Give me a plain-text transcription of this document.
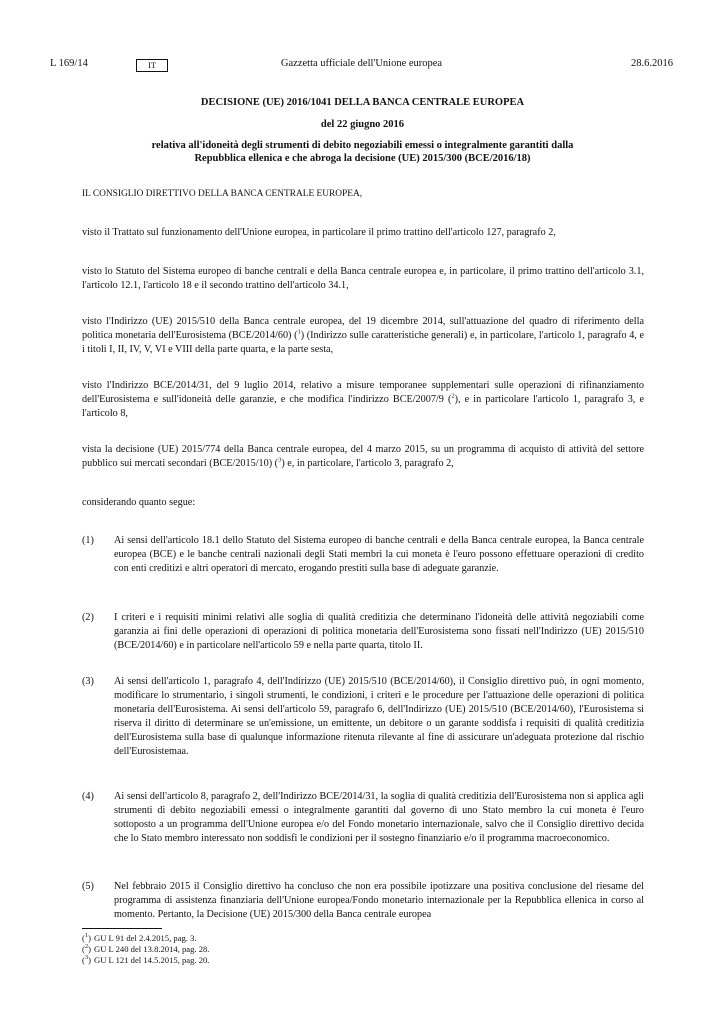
L 169/14	IT	Gazzetta ufficiale dell'Unione europea	28.6.2016
DECISIONE (UE) 2016/1041 DELLA BANCA CENTRALE EUROPEA
del 22 giugno 2016
relativa all'idoneità degli strumenti di debito negoziabili emessi o integralmente garantiti dalla
Repubblica ellenica e che abroga la decisione (UE) 2015/300 (BCE/2016/18)
IL CONSIGLIO DIRETTIVO DELLA BANCA CENTRALE EUROPEA,
visto il Trattato sul funzionamento dell'Unione europea, in particolare il primo trattino dell'articolo 127, paragrafo 2,
visto lo Statuto del Sistema europeo di banche centrali e della Banca centrale europea e, in particolare, il primo trattino dell'articolo 3.1, l'articolo 12.1, l'articolo 18 e il secondo trattino dell'articolo 34.1,
visto l'Indirizzo (UE) 2015/510 della Banca centrale europea, del 19 dicembre 2014, sull'attuazione del quadro di riferimento della politica monetaria dell'Eurosistema (BCE/2014/60) ($^1$) (Indirizzo sulle caratteristiche generali) e, in particolare, l'articolo 1, paragrafo 4, e i titoli I, II, IV, V, VI e VIII della parte quarta, e la parte sesta,
visto l'Indirizzo BCE/2014/31, del 9 luglio 2014, relativo a misure temporanee supplementari sulle operazioni di rifinanziamento dell'Eurosistema e sull'idoneità delle garanzie, e che modifica l'indirizzo BCE/2007/9 ($^2$), e in particolare l'articolo 1, paragrafo 3, e l'articolo 8,
vista la decisione (UE) 2015/774 della Banca centrale europea, del 4 marzo 2015, su un programma di acquisto di attività del settore pubblico sui mercati secondari (BCE/2015/10) ($^3$) e, in particolare, l'articolo 3, paragrafo 2,
considerando quanto segue:
(1) Ai sensi dell'articolo 18.1 dello Statuto del Sistema europeo di banche centrali e della Banca centrale europea, la Banca centrale europea (BCE) e le banche centrali nazionali degli Stati membri la cui moneta è l'euro possono effettuare operazioni di credito con enti creditizi e altri operatori di mercato, erogando prestiti sulla base di adeguate garanzie.
(2) I criteri e i requisiti minimi relativi alle soglia di qualità creditizia che determinano l'idoneità delle attività negoziabili come garanzia ai fini delle operazioni di operazioni di politica monetaria dell'Eurosistema sono fissati nell'Indirizzo (UE) 2015/510 (BCE/2014/60) e in particolare nell'articolo 59 e nella parte quarta, titolo II.
(3) Ai sensi dell'articolo 1, paragrafo 4, dell'Indirizzo (UE) 2015/510 (BCE/2014/60), il Consiglio direttivo può, in ogni momento, modificare lo strumentario, i singoli strumenti, le condizioni, i criteri e le procedure per l'attuazione delle operazioni di politica monetaria dell'Eurosistema. Ai sensi dell'articolo 59, paragrafo 6, dell'Indirizzo (UE) 2015/510 (BCE/2014/60), l'Eurosistema si riserva il diritto di determinare se un'emissione, un emittente, un debitore o un garante soddisfa i requisiti di qualità creditizia dell'Eurosistema sulla base di qualunque informazione ritenuta rilevante al fine di assicurare un'adeguata protezione dal rischio dell'Eurosistemaa.
(4) Ai sensi dell'articolo 8, paragrafo 2, dell'Indirizzo BCE/2014/31, la soglia di qualità creditizia dell'Eurosistema non si applica agli strumenti di debito negoziabili emessi o integralmente garantiti dal governo di uno Stato membro la cui moneta è l'euro sottoposto a un programma dell'Unione europea e/o del Fondo monetario internazionale, salvo che il Consiglio direttivo decida che lo Stato membro interessato non soddisfi le condizioni per il sostegno finanziario e/o il programma macroeconomico.
(5) Nel febbraio 2015 il Consiglio direttivo ha concluso che non era possibile ipotizzare una positiva conclusione del riesame del programma di assistenza finanziaria dell'Unione europea/Fondo monetario internazionale per la Repubblica ellenica in corso al momento. Pertanto, la Decisione (UE) 2015/300 della Banca centrale europea
($^1$) GU L 91 del 2.4.2015, pag. 3.
($^2$) GU L 240 del 13.8.2014, pag. 28.
($^3$) GU L 121 del 14.5.2015, pag. 20.
